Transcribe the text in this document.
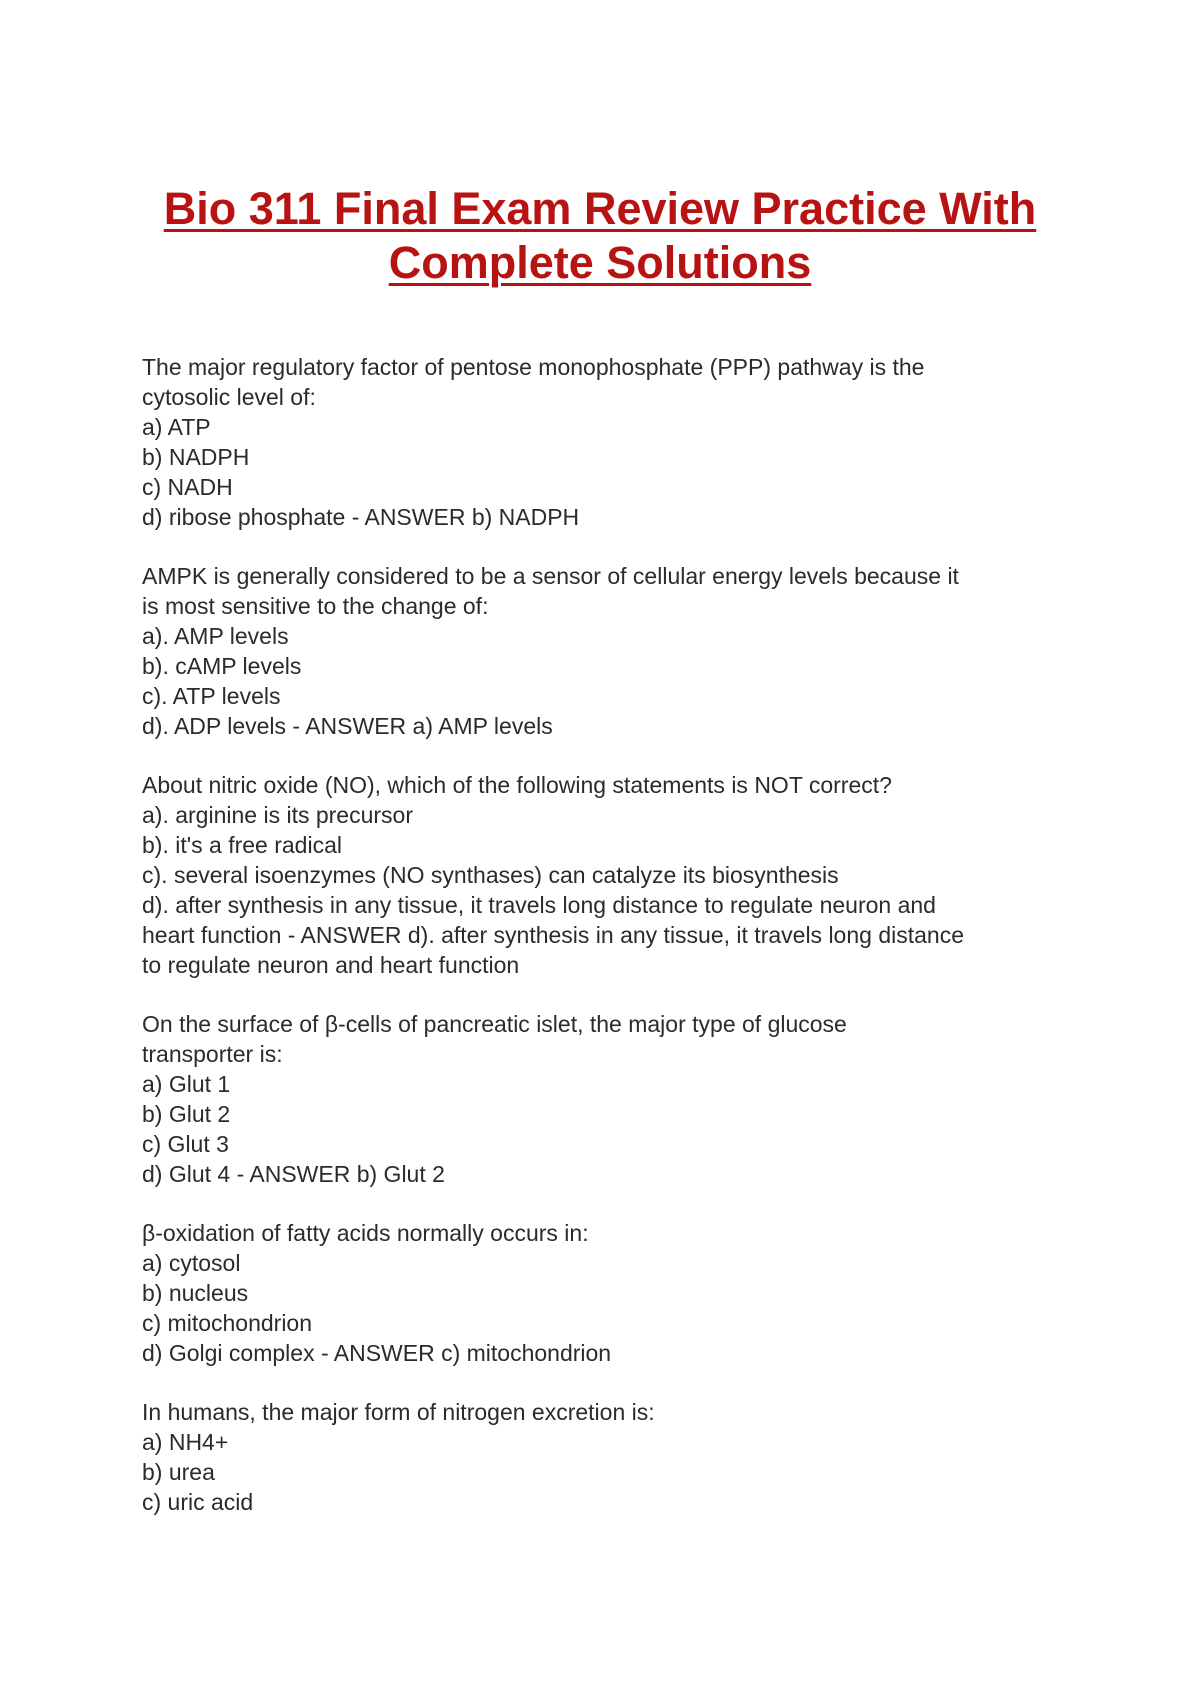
Bio 311 Final Exam Review Practice With
Complete Solutions
The major regulatory factor of pentose monophosphate (PPP) pathway is the
cytosolic level of:
a) ATP
b) NADPH
c) NADH
d) ribose phosphate - ANSWER b) NADPH
AMPK is generally considered to be a sensor of cellular energy levels because it
is most sensitive to the change of:
a). AMP levels
b). cAMP levels
c). ATP levels
d). ADP levels - ANSWER a) AMP levels
About nitric oxide (NO), which of the following statements is NOT correct?
a). arginine is its precursor
b). it's a free radical
c). several isoenzymes (NO synthases) can catalyze its biosynthesis
d). after synthesis in any tissue, it travels long distance to regulate neuron and
heart function - ANSWER d). after synthesis in any tissue, it travels long distance
to regulate neuron and heart function
On the surface of β-cells of pancreatic islet, the major type of glucose
transporter is:
a) Glut 1
b) Glut 2
c) Glut 3
d) Glut 4 - ANSWER b) Glut 2
β-oxidation of fatty acids normally occurs in:
a) cytosol
b) nucleus
c) mitochondrion
d) Golgi complex - ANSWER c) mitochondrion
In humans, the major form of nitrogen excretion is:
a) NH4+
b) urea
c) uric acid
